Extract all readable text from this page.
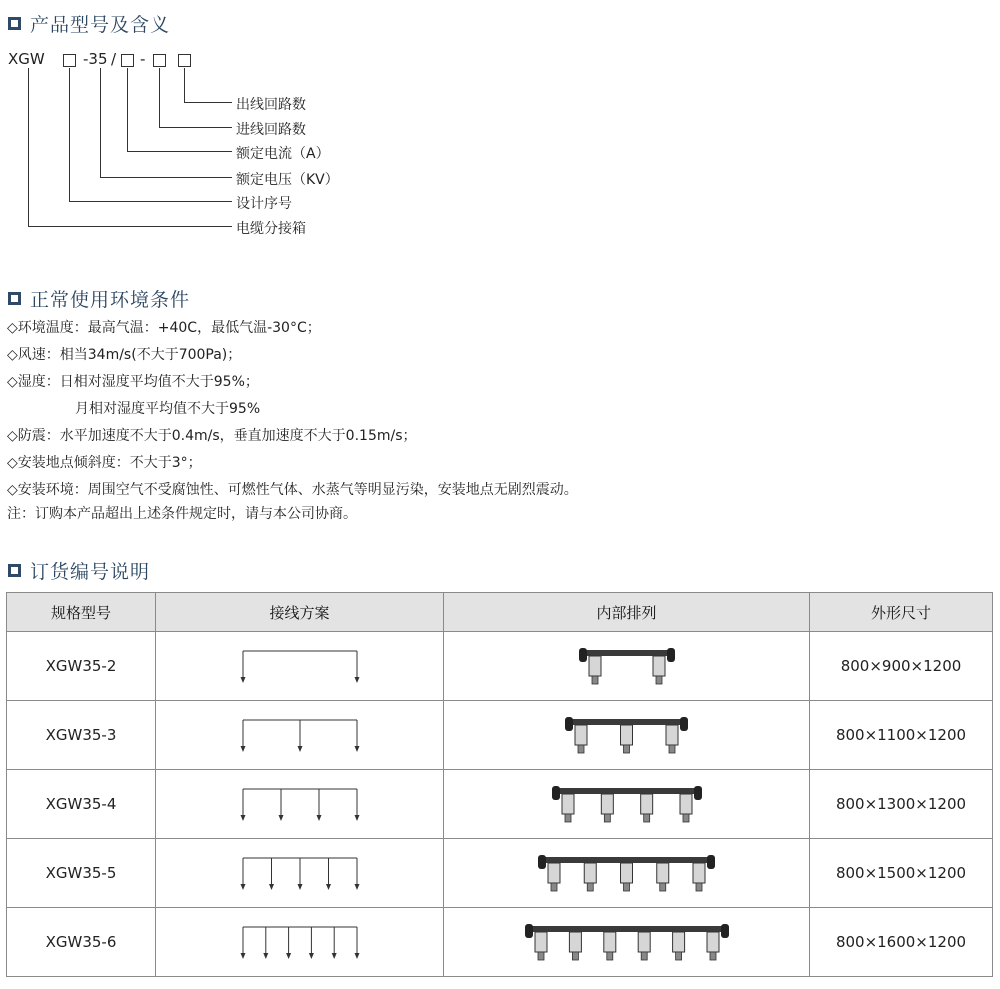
产品型号及含义
XGW	-35 / -
出线回路数
进线回路数
额定电流（A）
额定电压（KV）
设计序号
电缆分接箱
正常使用环境条件
◇环境温度：最高气温：+40C，最低气温-30°C；
◇风速：相当34m/s(不大于700Pa)；
◇湿度：日相对湿度平均值不大于95%；
月相对湿度平均值不大于95%
◇防震：水平加速度不大于0.4m/s，垂直加速度不大于0.15m/s；
◇安装地点倾斜度：不大于3°；
◇安装环境：周围空气不受腐蚀性、可燃性气体、水蒸气等明显污染，安装地点无剧烈震动。
注：订购本产品超出上述条件规定时，请与本公司协商。
订货编号说明
规格型号	接线方案	内部排列	外形尺寸
XGW35-2			800×900×1200
XGW35-3			800×1100×1200
XGW35-4			800×1300×1200
XGW35-5			800×1500×1200
XGW35-6			800×1600×1200
